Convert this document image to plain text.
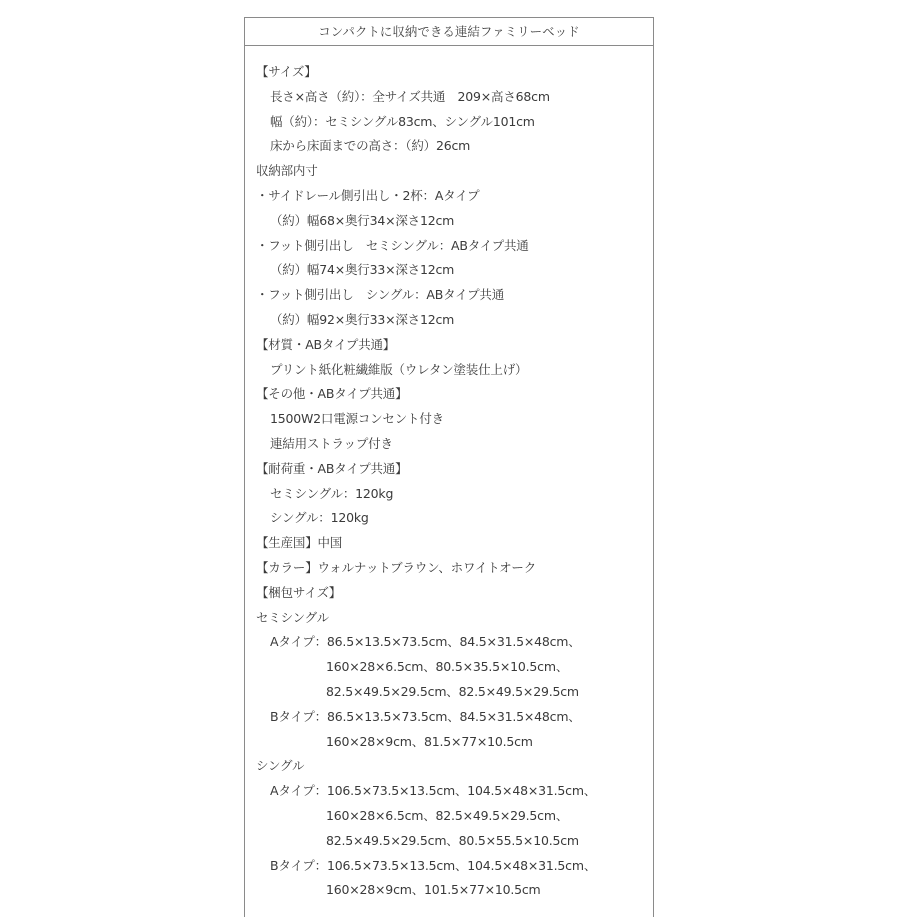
コンパクトに収納できる連結ファミリーベッド
【サイズ】
長さ×高さ（約）：全サイズ共通　209×高さ68cm
幅（約）：セミシングル83cm、シングル101cm
床から床面までの高さ：（約）26cm
収納部内寸
・サイドレール側引出し・2杯：Aタイプ
（約）幅68×奥行34×深さ12cm
・フット側引出し　セミシングル：ABタイプ共通
（約）幅74×奥行33×深さ12cm
・フット側引出し　シングル：ABタイプ共通
（約）幅92×奥行33×深さ12cm
【材質・ABタイプ共通】
プリント紙化粧繊維版（ウレタン塗装仕上げ）
【その他・ABタイプ共通】
1500W2口電源コンセント付き
連結用ストラップ付き
【耐荷重・ABタイプ共通】
セミシングル：120kg
シングル：120kg
【生産国】中国
【カラー】ウォルナットブラウン、ホワイトオーク
【梱包サイズ】
セミシングル
Aタイプ：86.5×13.5×73.5cm、84.5×31.5×48cm、
160×28×6.5cm、80.5×35.5×10.5cm、
82.5×49.5×29.5cm、82.5×49.5×29.5cm
Bタイプ：86.5×13.5×73.5cm、84.5×31.5×48cm、
160×28×9cm、81.5×77×10.5cm
シングル
Aタイプ：106.5×73.5×13.5cm、104.5×48×31.5cm、
160×28×6.5cm、82.5×49.5×29.5cm、
82.5×49.5×29.5cm、80.5×55.5×10.5cm
Bタイプ：106.5×73.5×13.5cm、104.5×48×31.5cm、
160×28×9cm、101.5×77×10.5cm
